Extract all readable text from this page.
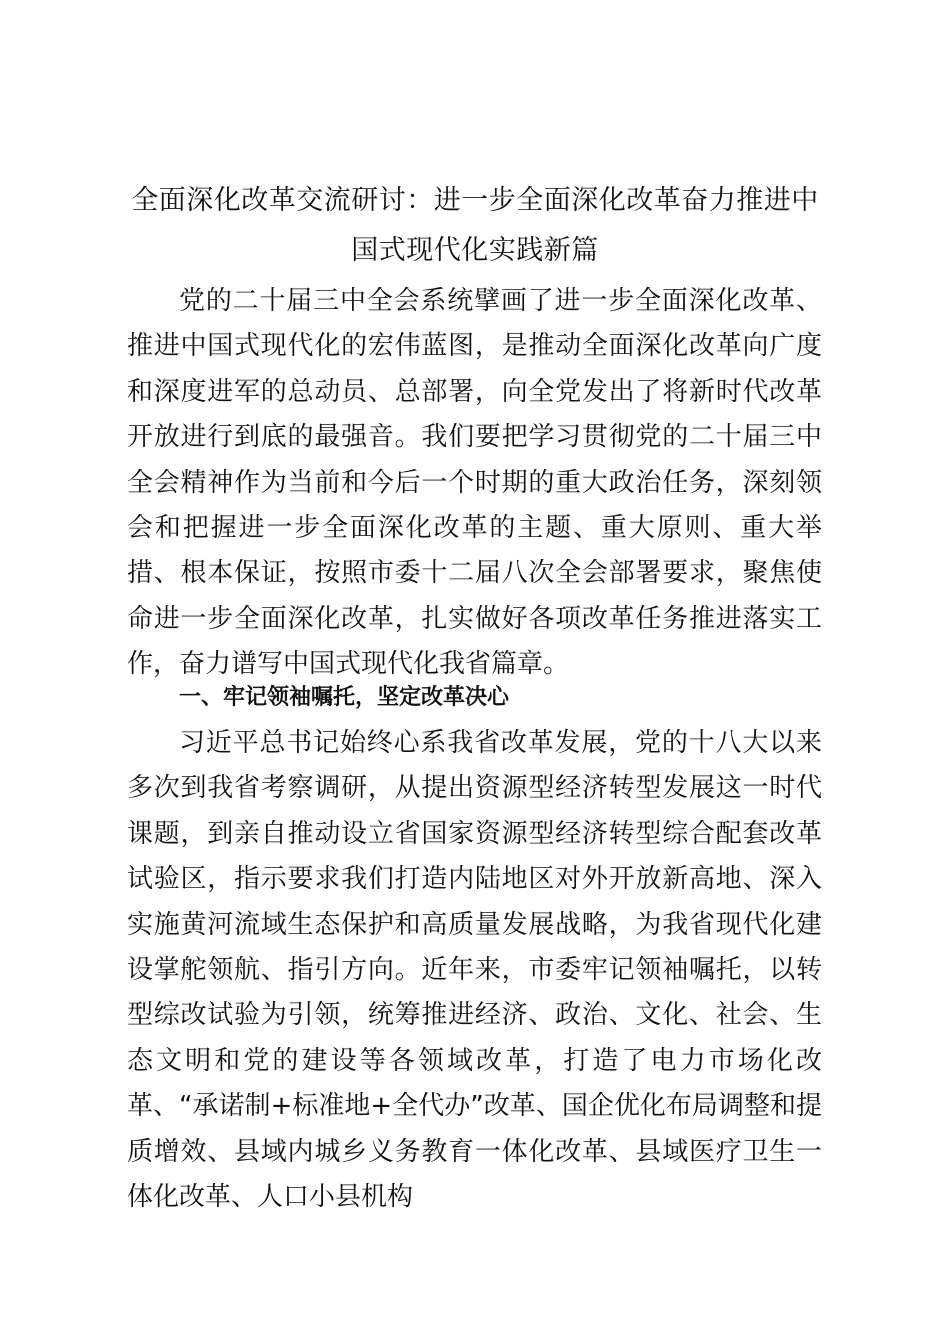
全面深化改革交流研讨：进一步全面深化改革奋力推进中国式现代化实践新篇

党的二十届三中全会系统擘画了进一步全面深化改革、推进中国式现代化的宏伟蓝图，是推动全面深化改革向广度和深度进军的总动员、总部署，向全党发出了将新时代改革开放进行到底的最强音。我们要把学习贯彻党的二十届三中全会精神作为当前和今后一个时期的重大政治任务，深刻领会和把握进一步全面深化改革的主题、重大原则、重大举措、根本保证，按照市委十二届八次全会部署要求，聚焦使命进一步全面深化改革，扎实做好各项改革任务推进落实工作，奋力谱写中国式现代化我省篇章。

一、牢记领袖嘱托，坚定改革决心

习近平总书记始终心系我省改革发展，党的十八大以来多次到我省考察调研，从提出资源型经济转型发展这一时代课题，到亲自推动设立省国家资源型经济转型综合配套改革试验区，指示要求我们打造内陆地区对外开放新高地、深入实施黄河流域生态保护和高质量发展战略，为我省现代化建设掌舵领航、指引方向。近年来，市委牢记领袖嘱托，以转型综改试验为引领，统筹推进经济、政治、文化、社会、生态文明和党的建设等各领域改革，打造了电力市场化改革、“承诺制+标准地+全代办”改革、国企优化布局调整和提质增效、县域内城乡义务教育一体化改革、县域医疗卫生一体化改革、人口小县机构
